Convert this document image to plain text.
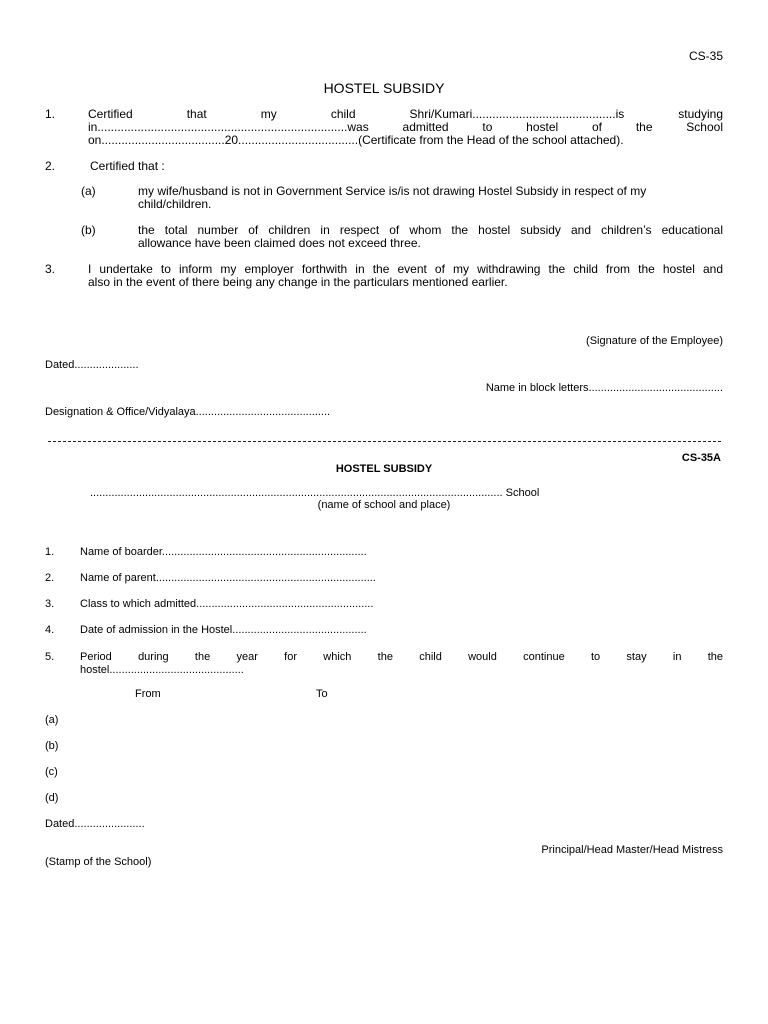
CS-35
HOSTEL SUBSIDY
1.	Certified that my child Shri/Kumari...........................................is studying
in...........................................................................was admitted to hostel of the School
on.....................................20....................................(Certificate from the Head of the school attached).
2.	Certified that :
(a)	my wife/husband is not in Government Service is/is not drawing Hostel Subsidy in respect of my
child/children.
(b)	the total number of children in respect of whom the hostel subsidy and children’s educational
allowance have been claimed does not exceed three.
3.	I undertake to inform my employer forthwith in the event of my withdrawing the child from the hostel and
also in the event of there being any change in the particulars mentioned earlier.
(Signature of the Employee)
Dated.....................
Name in block letters............................................
Designation & Office/Vidyalaya............................................
CS-35A
HOSTEL SUBSIDY
....................................................................................................................................... School
(name of school and place)
1. Name of boarder...................................................................
2. Name of parent........................................................................
3. Class to which admitted..........................................................
4. Date of admission in the Hostel............................................
5. Period during the year for which the child would continue to stay in the
hostel............................................
From	To
(a)
(b)
(c)
(d)
Dated.......................
Principal/Head Master/Head Mistress
(Stamp of the School)
